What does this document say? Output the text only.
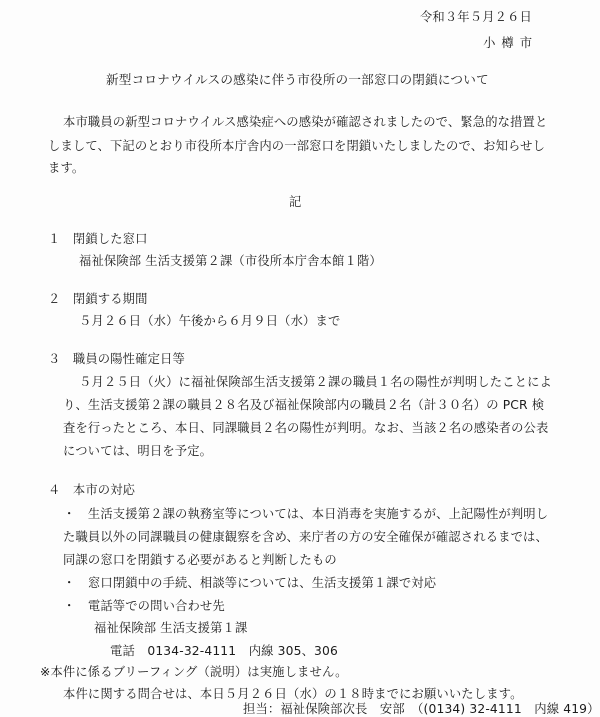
令和３年５月２６日
小樽市
新型コロナウイルスの感染に伴う市役所の一部窓口の閉鎖について
本市職員の新型コロナウイルス感染症への感染が確認されましたので、緊急的な措置と
しまして、下記のとおり市役所本庁舎内の一部窓口を閉鎖いたしましたので、お知らせし
ます。
記
１　閉鎖した窓口
福祉保険部 生活支援第２課（市役所本庁舎本館１階）
２　閉鎖する期間
５月２６日（水）午後から６月９日（水）まで
３　職員の陽性確定日等
５月２５日（火）に福祉保険部生活支援第２課の職員１名の陽性が判明したことによ
り、生活支援第２課の職員２８名及び福祉保険部内の職員２名（計３０名）の PCR 検
査を行ったところ、本日、同課職員２名の陽性が判明。なお、当該２名の感染者の公表
については、明日を予定。
４　本市の対応
・　生活支援第２課の執務室等については、本日消毒を実施するが、上記陽性が判明し
た職員以外の同課職員の健康観察を含め、来庁者の方の安全確保が確認されるまでは、
同課の窓口を閉鎖する必要があると判断したもの
・　窓口閉鎖中の手続、相談等については、生活支援第１課で対応
・　電話等での問い合わせ先
福祉保険部 生活支援第１課
電話　0134-32-4111　内線 305、306
※本件に係るブリーフィング（説明）は実施しません。
本件に関する問合せは、本日５月２６日（水）の１８時までにお願いいたします。
担当：福祉保険部次長　安部　（(0134) 32-4111　内線 419）
